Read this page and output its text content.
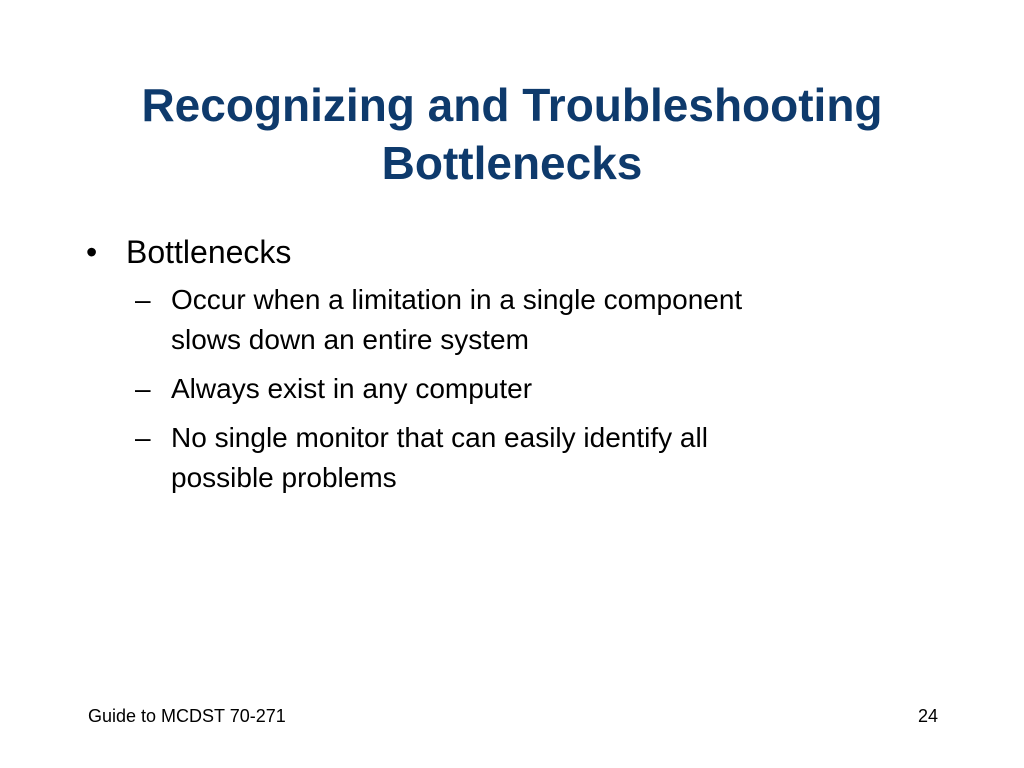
Recognizing and Troubleshooting
Bottlenecks
• Bottlenecks
– Occur when a limitation in a single component
slows down an entire system
– Always exist in any computer
– No single monitor that can easily identify all
possible problems
Guide to MCDST 70-271	24
